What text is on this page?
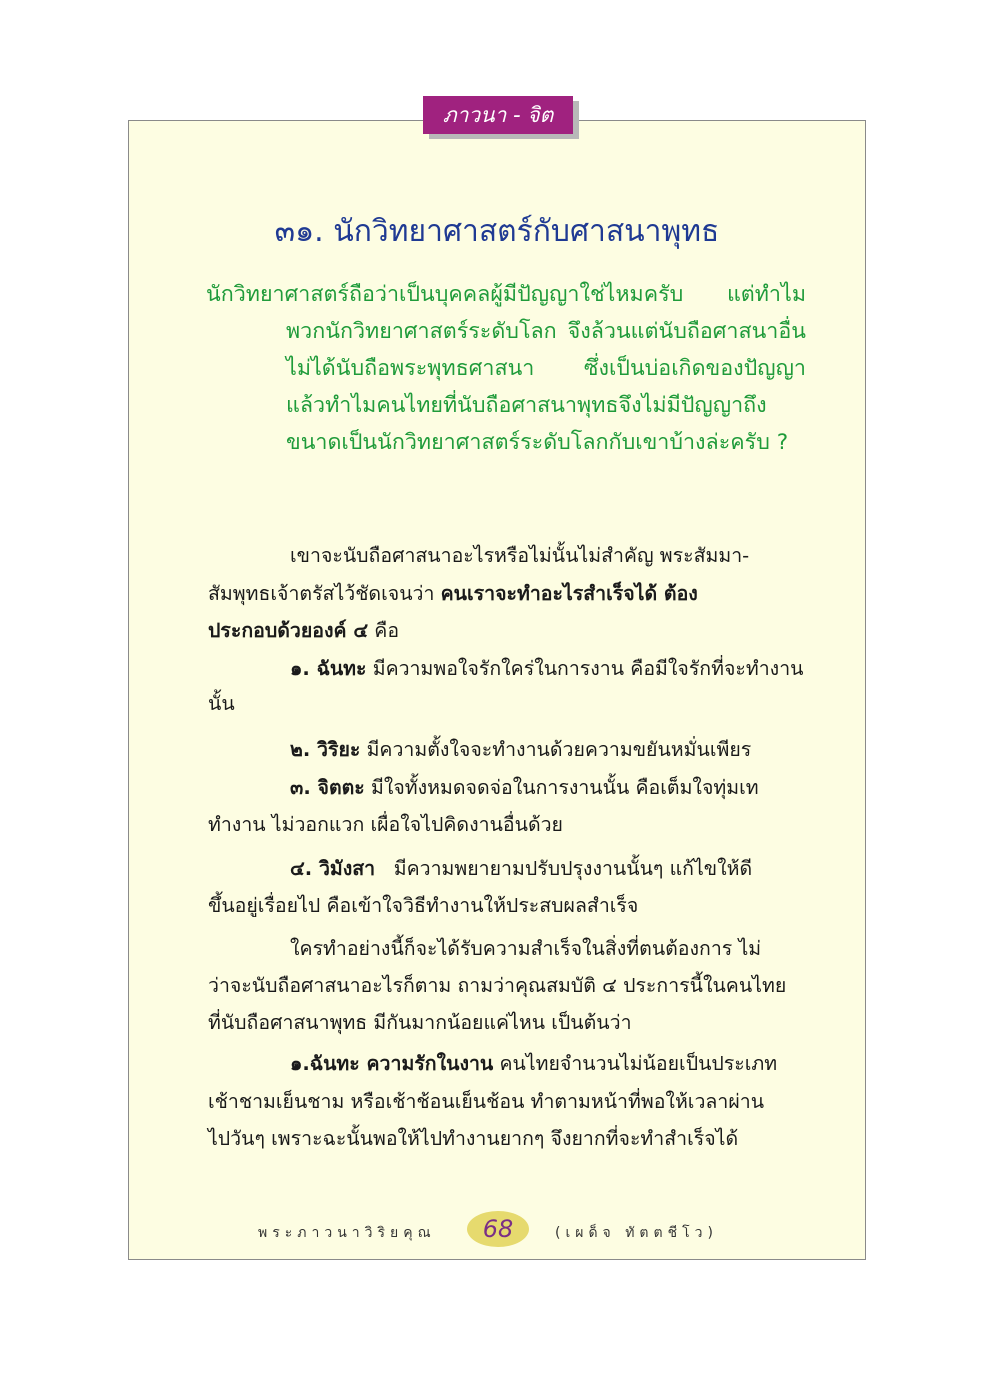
ภาวนา - จิต
๓๑. นักวิทยาศาสตร์กับศาสนาพุทธ
นักวิทยาศาสตร์ถือว่าเป็นบุคคลผู้มีปัญญาใช่ไหมครับ แต่ทำไม พวกนักวิทยาศาสตร์ระดับโลก จึงล้วนแต่นับถือศาสนาอื่น ไม่ได้นับถือพระพุทธศาสนา ซึ่งเป็นบ่อเกิดของปัญญา แล้วทำไมคนไทยที่นับถือศาสนาพุทธจึงไม่มีปัญญาถึงขนาดเป็นนักวิทยาศาสตร์ระดับโลกกับเขาบ้างล่ะครับ ?
เขาจะนับถือศาสนาอะไรหรือไม่นั้นไม่สำคัญ พระสัมมา-
สัมพุทธเจ้าตรัสไว้ชัดเจนว่า คนเราจะทำอะไรสำเร็จได้ ต้อง
ประกอบด้วยองค์ ๔ คือ
๑. ฉันทะ มีความพอใจรักใคร่ในการงาน คือมีใจรักที่จะทำงาน
นั้น
๒. วิริยะ มีความตั้งใจจะทำงานด้วยความขยันหมั่นเพียร
๓. จิตตะ มีใจทั้งหมดจดจ่อในการงานนั้น คือเต็มใจทุ่มเท
ทำงาน ไม่วอกแวก เผื่อใจไปคิดงานอื่นด้วย
๔. วิมังสา   มีความพยายามปรับปรุงงานนั้นๆ แก้ไขให้ดี
ขึ้นอยู่เรื่อยไป คือเข้าใจวิธีทำงานให้ประสบผลสำเร็จ
ใครทำอย่างนี้ก็จะได้รับความสำเร็จในสิ่งที่ตนต้องการ ไม่
ว่าจะนับถือศาสนาอะไรก็ตาม ถามว่าคุณสมบัติ ๔ ประการนี้ในคนไทย
ที่นับถือศาสนาพุทธ มีกันมากน้อยแค่ไหน เป็นต้นว่า
๑.ฉันทะ ความรักในงาน คนไทยจำนวนไม่น้อยเป็นประเภท
เช้าชามเย็นชาม หรือเช้าช้อนเย็นช้อน ทำตามหน้าที่พอให้เวลาผ่าน
ไปวันๆ เพราะฉะนั้นพอให้ไปทำงานยากๆ จึงยากที่จะทำสำเร็จได้
พระภาวนาวิริยคุณ	68	(เผด็จ ทัตตชีโว)
